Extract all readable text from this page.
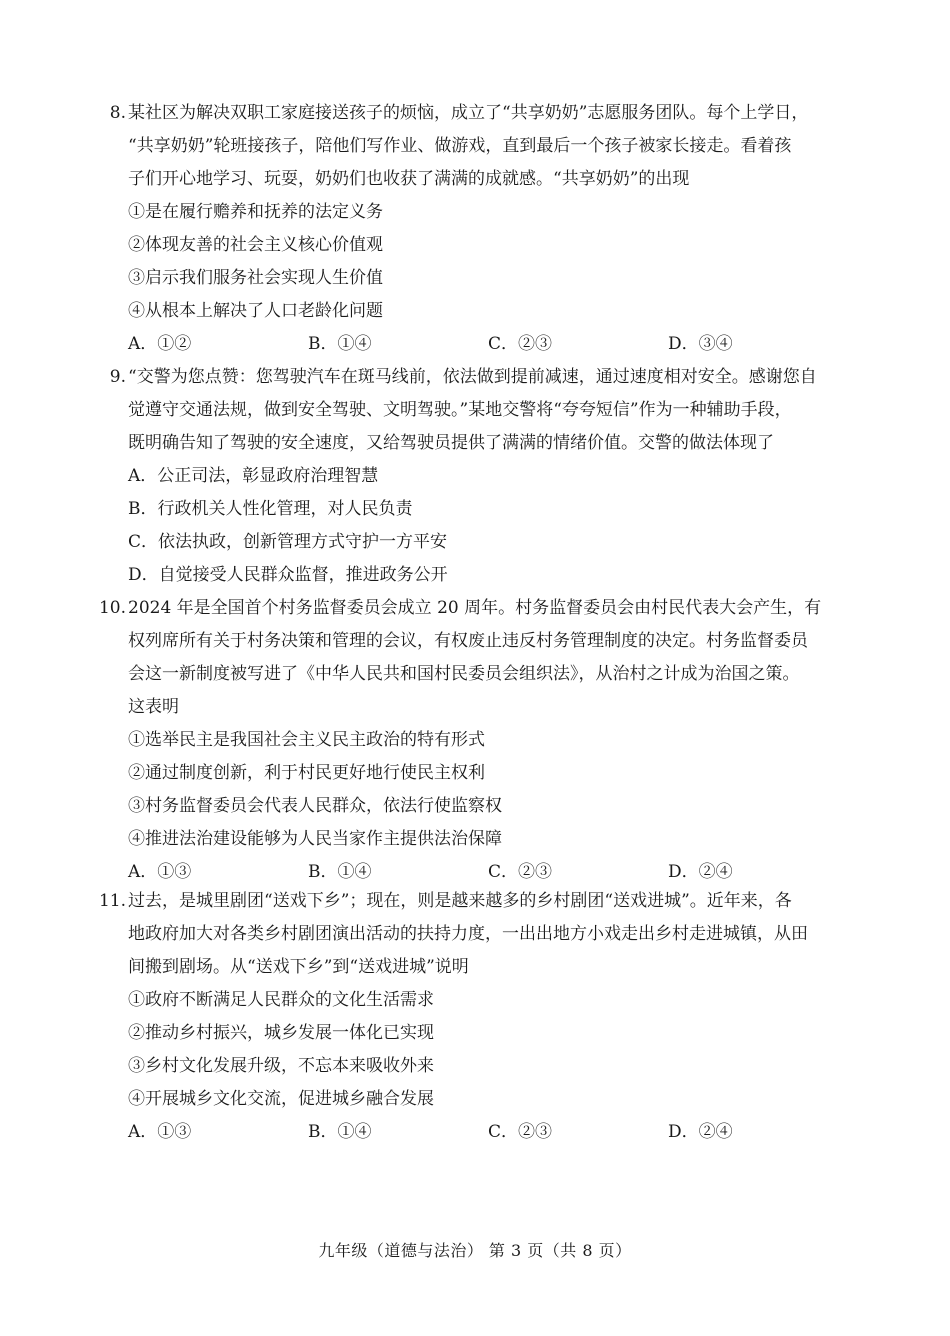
8. 某社区为解决双职工家庭接送孩子的烦恼，成立了“共享奶奶”志愿服务团队。每个上学日，
“共享奶奶”轮班接孩子，陪他们写作业、做游戏，直到最后一个孩子被家长接走。看着孩
子们开心地学习、玩耍，奶奶们也收获了满满的成就感。“共享奶奶”的出现
①是在履行赡养和抚养的法定义务
②体现友善的社会主义核心价值观
③启示我们服务社会实现人生价值
④从根本上解决了人口老龄化问题
A．①②	B．①④	C．②③	D．③④
9. “交警为您点赞：您驾驶汽车在斑马线前，依法做到提前减速，通过速度相对安全。感谢您自
觉遵守交通法规，做到安全驾驶、文明驾驶。”某地交警将“夸夸短信”作为一种辅助手段，
既明确告知了驾驶的安全速度，又给驾驶员提供了满满的情绪价值。交警的做法体现了
A．公正司法，彰显政府治理智慧
B．行政机关人性化管理，对人民负责
C．依法执政，创新管理方式守护一方平安
D．自觉接受人民群众监督，推进政务公开
10. 2024 年是全国首个村务监督委员会成立 20 周年。村务监督委员会由村民代表大会产生，有
权列席所有关于村务决策和管理的会议，有权废止违反村务管理制度的决定。村务监督委员
会这一新制度被写进了《中华人民共和国村民委员会组织法》，从治村之计成为治国之策。
这表明
①选举民主是我国社会主义民主政治的特有形式
②通过制度创新，利于村民更好地行使民主权利
③村务监督委员会代表人民群众，依法行使监察权
④推进法治建设能够为人民当家作主提供法治保障
A．①③	B．①④	C．②③	D．②④
11. 过去，是城里剧团“送戏下乡”；现在，则是越来越多的乡村剧团“送戏进城”。近年来，各
地政府加大对各类乡村剧团演出活动的扶持力度，一出出地方小戏走出乡村走进城镇，从田
间搬到剧场。从“送戏下乡”到“送戏进城”说明
①政府不断满足人民群众的文化生活需求
②推动乡村振兴，城乡发展一体化已实现
③乡村文化发展升级，不忘本来吸收外来
④开展城乡文化交流，促进城乡融合发展
A．①③	B．①④	C．②③	D．②④
九年级（道德与法治） 第 3 页（共 8 页）
